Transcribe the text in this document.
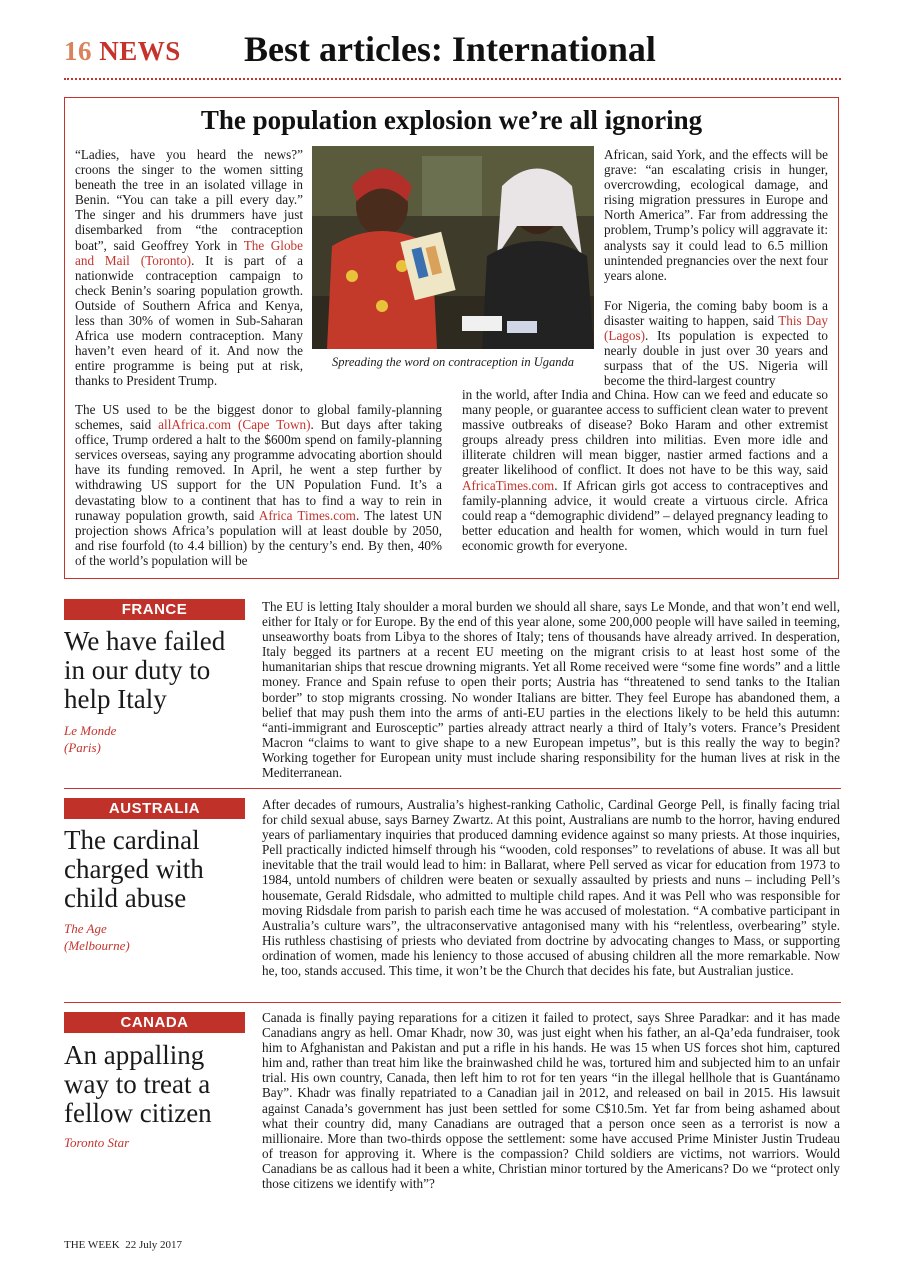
16 NEWS Best articles: International
The population explosion we’re all ignoring

“Ladies, have you heard the news?” croons the singer to the women sitting beneath the tree in an isolated village in Benin. “You can take a pill every day.” The singer and his drummers have just disembarked from “the contraception boat”, said Geoffrey York in The Globe and Mail (Toronto). It is part of a nationwide contraception campaign to check Benin’s soaring population growth. Outside of Southern Africa and Kenya, less than 30% of women in Sub-Saharan Africa use modern contraception. Many haven’t even heard of it. And now the entire programme is being put at risk, thanks to President Trump.

The US used to be the biggest donor to global family-planning schemes, said allAfrica.com (Cape Town). But days after taking office, Trump ordered a halt to the $600m spend on family-planning services overseas, saying any programme advocating abortion should have its funding removed. In April, he went a step further by withdrawing US support for the UN Population Fund. It’s a devastating blow to a continent that has to find a way to rein in runaway population growth, said Africa Times.com. The latest UN projection shows Africa’s population will at least double by 2050, and rise fourfold (to 4.4 billion) by the century’s end. By then, 40% of the world’s population will be

Spreading the word on contraception in Uganda

African, said York, and the effects will be grave: “an escalating crisis in hunger, overcrowding, ecological damage, and rising migration pressures in Europe and North America”. Far from addressing the problem, Trump’s policy will aggravate it: analysts say it could lead to 6.5 million unintended pregnancies over the next four years alone.

For Nigeria, the coming baby boom is a disaster waiting to happen, said This Day (Lagos). Its population is expected to nearly double in just over 30 years and surpass that of the US. Nigeria will become the third-largest country

in the world, after India and China. How can we feed and educate so many people, or guarantee access to sufficient clean water to prevent massive outbreaks of disease? Boko Haram and other extremist groups already press children into militias. Even more idle and illiterate children will mean bigger, nastier armed factions and a greater likelihood of conflict. It does not have to be this way, said AfricaTimes.com. If African girls got access to contraceptives and family-planning advice, it would create a virtuous circle. Africa could reap a “demographic dividend” – delayed pregnancy leading to better education and health for women, which would in turn fuel economic growth for everyone.

FRANCE
We have failed in our duty to help Italy
Le Monde
(Paris)
The EU is letting Italy shoulder a moral burden we should all share, says Le Monde, and that won’t end well, either for Italy or for Europe. By the end of this year alone, some 200,000 people will have sailed in teeming, unseaworthy boats from Libya to the shores of Italy; tens of thousands have already arrived. In desperation, Italy begged its partners at a recent EU meeting on the migrant crisis to at least host some of the humanitarian ships that rescue drowning migrants. Yet all Rome received were “some fine words” and a little money. France and Spain refuse to open their ports; Austria has “threatened to send tanks to the Italian border” to stop migrants crossing. No wonder Italians are bitter. They feel Europe has abandoned them, a belief that may push them into the arms of anti-EU parties in the elections likely to be held this autumn: “anti-immigrant and Eurosceptic” parties already attract nearly a third of Italy’s voters. France’s President Macron “claims to want to give shape to a new European impetus”, but is this really the way to begin? Working together for European unity must include sharing responsibility for the human lives at risk in the Mediterranean.
AUSTRALIA
The cardinal charged with child abuse
The Age
(Melbourne)
After decades of rumours, Australia’s highest-ranking Catholic, Cardinal George Pell, is finally facing trial for child sexual abuse, says Barney Zwartz. At this point, Australians are numb to the horror, having endured years of parliamentary inquiries that produced damning evidence against so many priests. At those inquiries, Pell practically indicted himself through his “wooden, cold responses” to revelations of abuse. It was all but inevitable that the trail would lead to him: in Ballarat, where Pell served as vicar for education from 1973 to 1984, untold numbers of children were beaten or sexually assaulted by priests and nuns – including Pell’s housemate, Gerald Ridsdale, who admitted to multiple child rapes. And it was Pell who was responsible for moving Ridsdale from parish to parish each time he was accused of molestation. “A combative participant in Australia’s culture wars”, the ultraconservative antagonised many with his “relentless, overbearing” style. His ruthless chastising of priests who deviated from doctrine by advocating changes to Mass, or supporting ordination of women, made his leniency to those accused of abusing children all the more remarkable. Now he, too, stands accused. This time, it won’t be the Church that decides his fate, but Australian justice.
CANADA
An appalling way to treat a fellow citizen
Toronto Star
Canada is finally paying reparations for a citizen it failed to protect, says Shree Paradkar: and it has made Canadians angry as hell. Omar Khadr, now 30, was just eight when his father, an al-Qa’eda fundraiser, took him to Afghanistan and Pakistan and put a rifle in his hands. He was 15 when US forces shot him, captured him and, rather than treat him like the brainwashed child he was, tortured him and subjected him to an unfair trial. His own country, Canada, then left him to rot for ten years “in the illegal hellhole that is Guantánamo Bay”. Khadr was finally repatriated to a Canadian jail in 2012, and released on bail in 2015. His lawsuit against Canada’s government has just been settled for some C$10.5m. Yet far from being ashamed about what their country did, many Canadians are outraged that a person once seen as a terrorist is now a millionaire. More than two-thirds oppose the settlement: some have accused Prime Minister Justin Trudeau of treason for approving it. Where is the compassion? Child soldiers are victims, not warriors. Would Canadians be as callous had it been a white, Christian minor tortured by the Americans? Do we “protect only those citizens we identify with”?
THE WEEK 22 July 2017
